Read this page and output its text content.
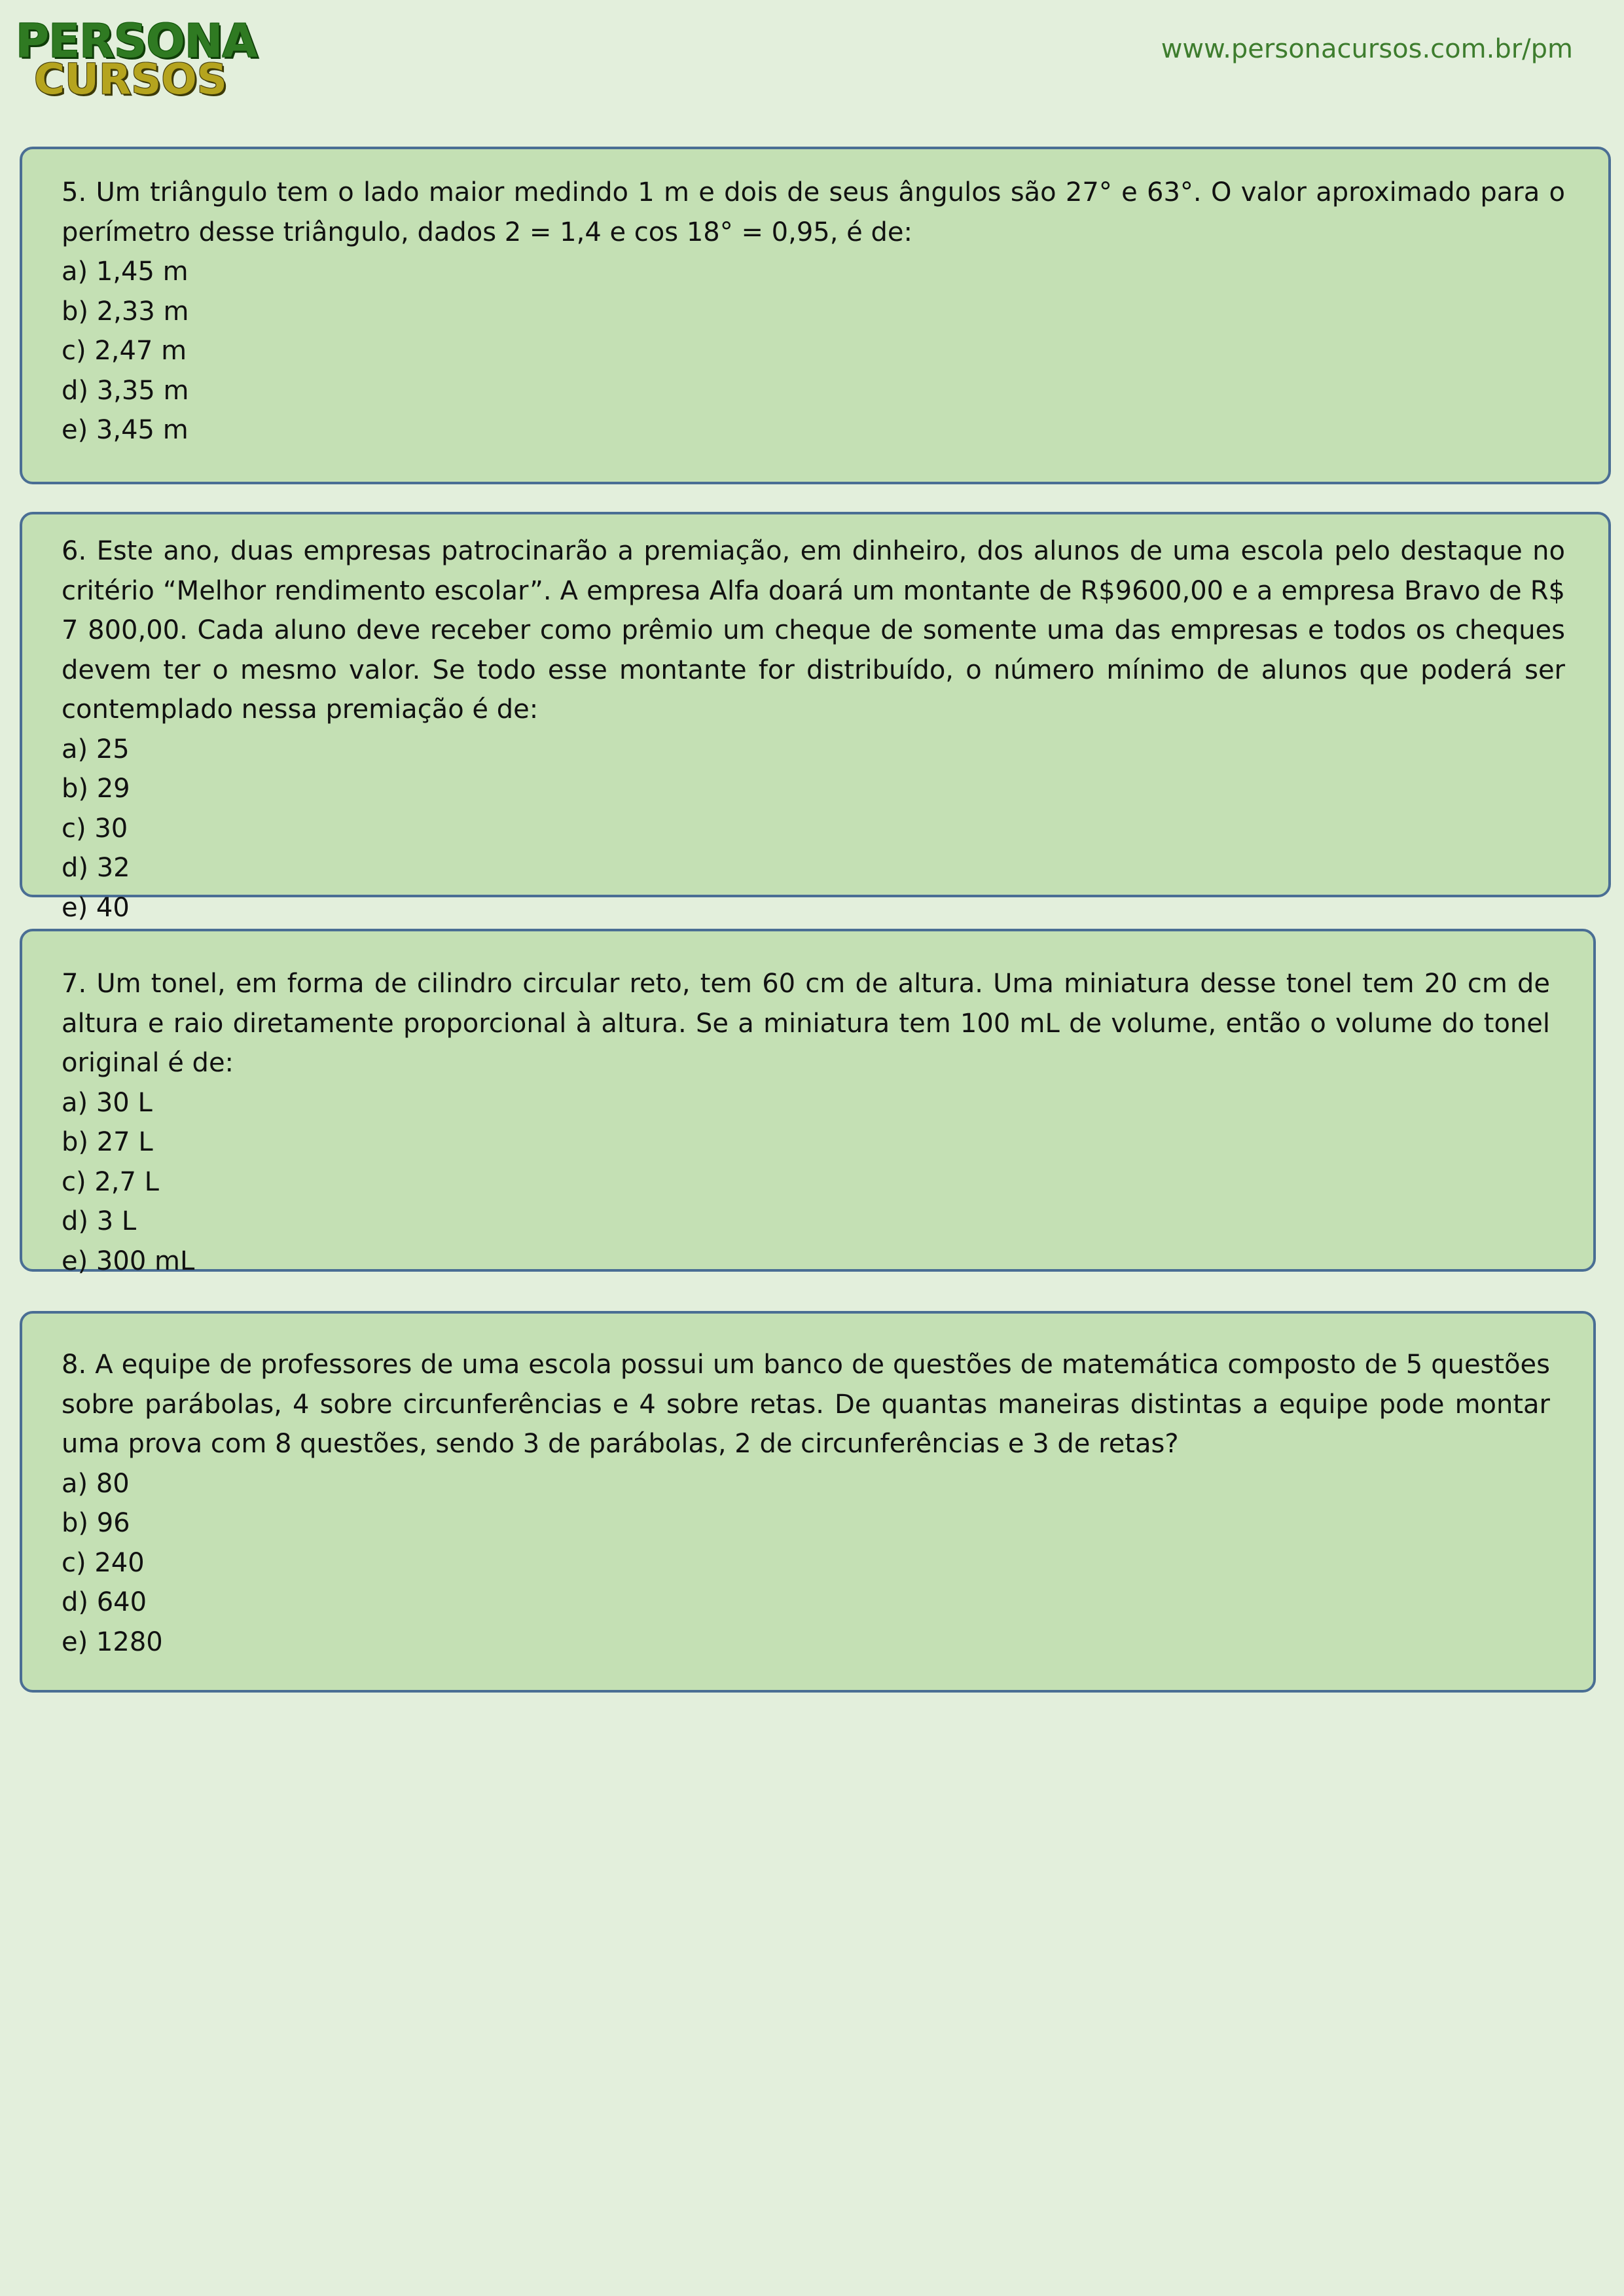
PERSONA
CURSOS
www.personacursos.com.br/pm

5. Um triângulo tem o lado maior medindo 1 m e dois de seus ângulos são 27° e 63°. O valor aproximado para o perímetro desse triângulo, dados 2 = 1,4 e cos 18° = 0,95, é de:

a) 1,45 m
b) 2,33 m
c) 2,47 m
d) 3,35 m
e) 3,45 m

6. Este ano, duas empresas patrocinarão a premiação, em dinheiro, dos alunos de uma escola pelo destaque no critério “Melhor rendimento escolar”. A empresa Alfa doará um montante de R$9600,00 e a empresa Bravo de R$ 7 800,00. Cada aluno deve receber como prêmio um cheque de somente uma das empresas e todos os cheques devem ter o mesmo valor. Se todo esse montante for distribuído, o número mínimo de alunos que poderá ser contemplado nessa premiação é de:

a) 25
b) 29
c) 30
d) 32
e) 40

7. Um tonel, em forma de cilindro circular reto, tem 60 cm de altura. Uma miniatura desse tonel tem 20 cm de altura e raio diretamente proporcional à altura. Se a miniatura tem 100 mL de volume, então o volume do tonel original é de:

a) 30 L
b) 27 L
c) 2,7 L
d) 3 L
e) 300 mL

8. A equipe de professores de uma escola possui um banco de questões de matemática composto de 5 questões sobre parábolas, 4 sobre circunferências e 4 sobre retas. De quantas maneiras distintas a equipe pode montar uma prova com 8 questões, sendo 3 de parábolas, 2 de circunferências e 3 de retas?

a) 80
b) 96
c) 240
d) 640
e) 1280
